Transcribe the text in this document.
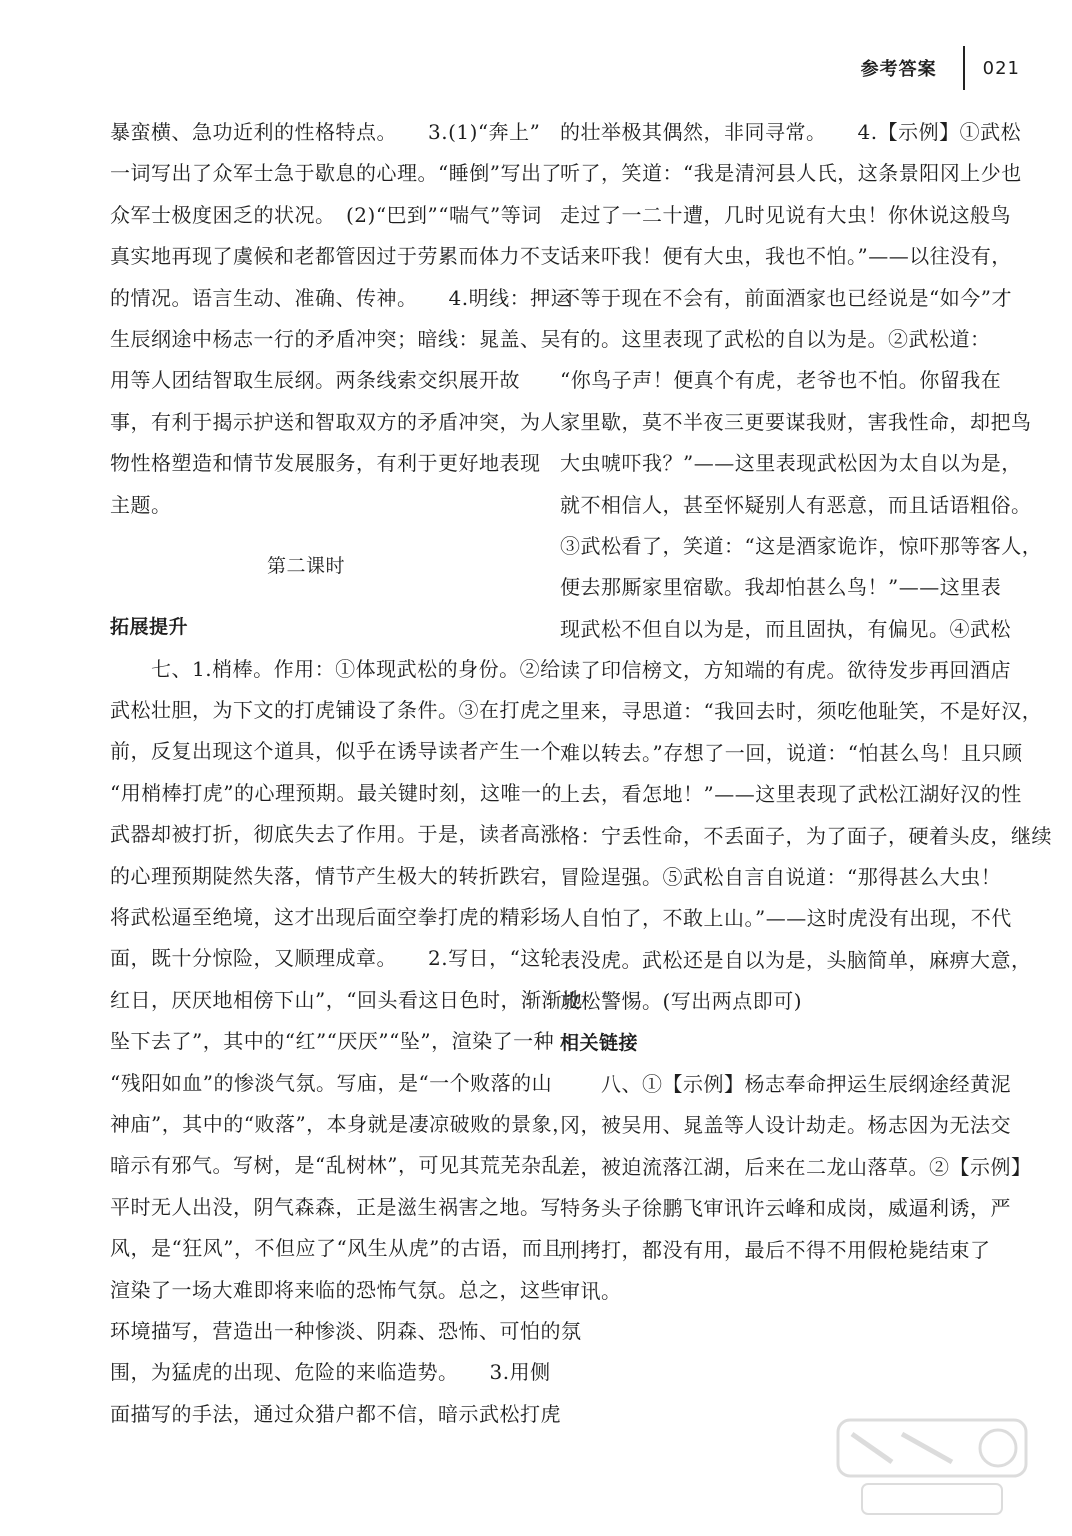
参考答案	021
暴蛮横、急功近利的性格特点。　　3.(1)“奔上”
一词写出了众军士急于歇息的心理。“睡倒”写出了
众军士极度困乏的状况。　(2)“巴到”“喘气”等词
真实地再现了虞候和老都管因过于劳累而体力不支
的情况。语言生动、准确、传神。　　4.明线：押运
生辰纲途中杨志一行的矛盾冲突；暗线：晁盖、吴
用等人团结智取生辰纲。两条线索交织展开故
事，有利于揭示护送和智取双方的矛盾冲突，为人
物性格塑造和情节发展服务，有利于更好地表现
主题。
第二课时
拓展提升
　　七、1.梢棒。作用：①体现武松的身份。②给
武松壮胆，为下文的打虎铺设了条件。③在打虎之
前，反复出现这个道具，似乎在诱导读者产生一个
“用梢棒打虎”的心理预期。最关键时刻，这唯一的
武器却被打折，彻底失去了作用。于是，读者高涨
的心理预期陡然失落，情节产生极大的转折跌宕，
将武松逼至绝境，这才出现后面空拳打虎的精彩场
面，既十分惊险，又顺理成章。　　2.写日，“这轮
红日，厌厌地相傍下山”，“回头看这日色时，渐渐地
坠下去了”，其中的“红”“厌厌”“坠”，渲染了一种
“残阳如血”的惨淡气氛。写庙，是“一个败落的山
神庙”，其中的“败落”，本身就是凄凉破败的景象，
暗示有邪气。写树，是“乱树林”，可见其荒芜杂乱，
平时无人出没，阴气森森，正是滋生祸害之地。写
风，是“狂风”，不但应了“风生从虎”的古语，而且
渲染了一场大难即将来临的恐怖气氛。总之，这些
环境描写，营造出一种惨淡、阴森、恐怖、可怕的氛
围，为猛虎的出现、危险的来临造势。　　3.用侧
面描写的手法，通过众猎户都不信，暗示武松打虎
的壮举极其偶然，非同寻常。　　4.【示例】①武松
听了，笑道：“我是清河县人氏，这条景阳冈上少也
走过了一二十遭，几时见说有大虫！你休说这般鸟
话来吓我！便有大虫，我也不怕。”——以往没有，
不等于现在不会有，前面酒家也已经说是“如今”才
有的。这里表现了武松的自以为是。②武松道：
“你鸟子声！便真个有虎，老爷也不怕。你留我在
家里歇，莫不半夜三更要谋我财，害我性命，却把鸟
大虫唬吓我？”——这里表现武松因为太自以为是，
就不相信人，甚至怀疑别人有恶意，而且话语粗俗。
③武松看了，笑道：“这是酒家诡诈，惊吓那等客人，
便去那厮家里宿歇。我却怕甚么鸟！”——这里表
现武松不但自以为是，而且固执，有偏见。④武松
读了印信榜文，方知端的有虎。欲待发步再回酒店
里来，寻思道：“我回去时，须吃他耻笑，不是好汉，
难以转去。”存想了一回，说道：“怕甚么鸟！且只顾
上去，看怎地！”——这里表现了武松江湖好汉的性
格：宁丢性命，不丢面子，为了面子，硬着头皮，继续
冒险逞强。⑤武松自言自说道：“那得甚么大虫！
人自怕了，不敢上山。”——这时虎没有出现，不代
表没虎。武松还是自以为是，头脑简单，麻痹大意，
放松警惕。(写出两点即可)
相关链接
　　八、①【示例】杨志奉命押运生辰纲途经黄泥
冈，被吴用、晁盖等人设计劫走。杨志因为无法交
差，被迫流落江湖，后来在二龙山落草。②【示例】
特务头子徐鹏飞审讯许云峰和成岗，威逼利诱，严
刑拷打，都没有用，最后不得不用假枪毙结束了
审讯。
